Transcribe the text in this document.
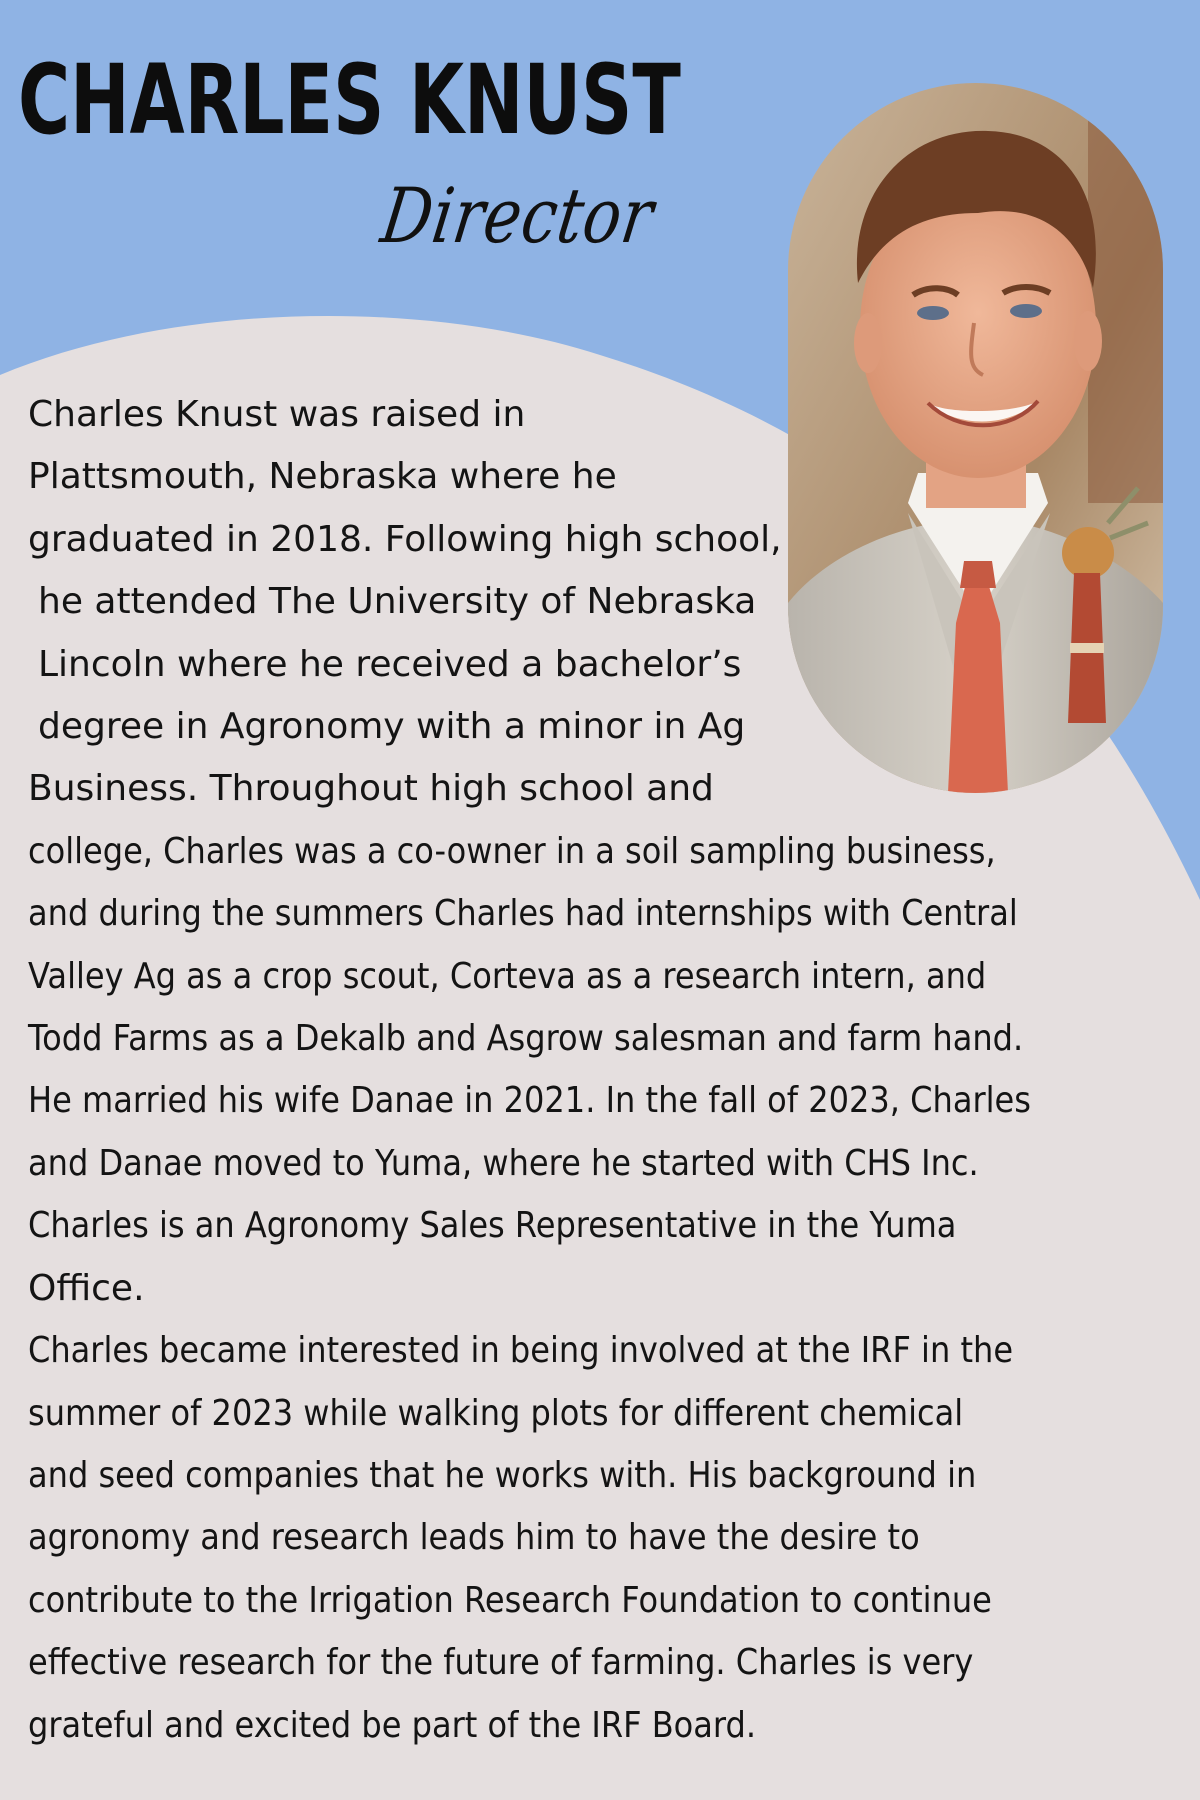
CHARLES KNUST
Director

Charles Knust was raised in
Plattsmouth, Nebraska where he
graduated in 2018. Following high school,
he attended The University of Nebraska
Lincoln where he received a bachelor’s
degree in Agronomy with a minor in Ag
Business. Throughout high school and
college, Charles was a co-owner in a soil sampling business,
and during the summers Charles had internships with Central
Valley Ag as a crop scout, Corteva as a research intern, and
Todd Farms as a Dekalb and Asgrow salesman and farm hand.
He married his wife Danae in 2021. In the fall of 2023, Charles
and Danae moved to Yuma, where he started with CHS Inc.
Charles is an Agronomy Sales Representative in the Yuma
Office.
Charles became interested in being involved at the IRF in the
summer of 2023 while walking plots for different chemical
and seed companies that he works with. His background in
agronomy and research leads him to have the desire to
contribute to the Irrigation Research Foundation to continue
effective research for the future of farming. Charles is very
grateful and excited be part of the IRF Board.
